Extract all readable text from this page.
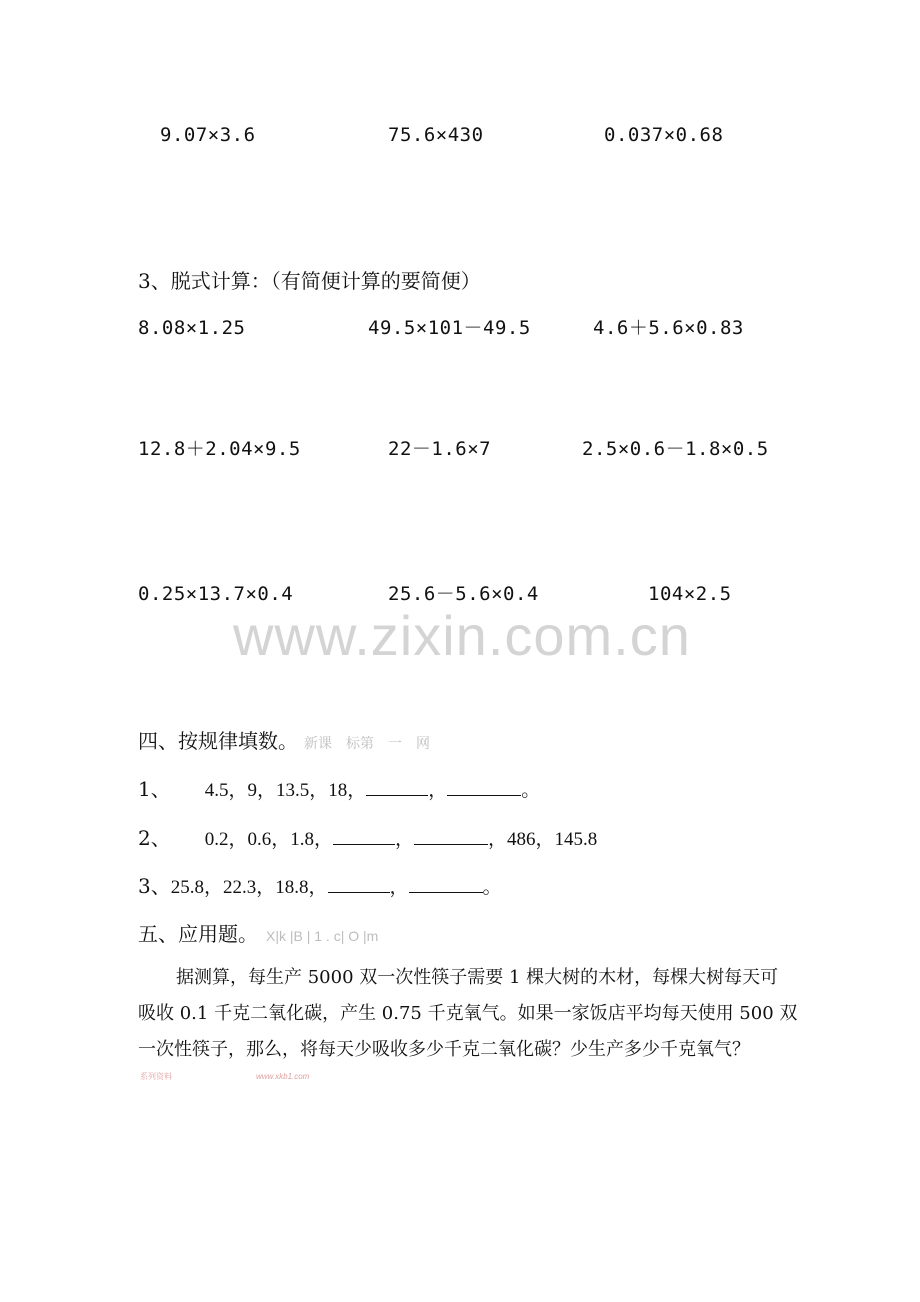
9.07×3.6	75.6×430	0.037×0.68
3、脱式计算：（有简便计算的要简便）
8.08×1.25	49.5×101－49.5	4.6＋5.6×0.83
12.8＋2.04×9.5	22－1.6×7	2.5×0.6－1.8×0.5
0.25×13.7×0.4	25.6－5.6×0.4	104×2.5
www.zixin.com.cn
四、按规律填数。 新课　标第　一　网
1、 4.5，9，13.5，18，	，	。
2、 0.2，0.6，1.8，	，	，486，145.8
3、25.8，22.3，18.8，	，	。
五、应用题。 X|k |B | 1 . c| O |m
据测算，每生产 5000 双一次性筷子需要 1 棵大树的木材，每棵大树每天可
吸收 0.1 千克二氧化碳，产生 0.75 千克氧气。如果一家饭店平均每天使用 500 双
一次性筷子，那么，将每天少吸收多少千克二氧化碳？少生产多少千克氧气？
系列资料	www.xkb1.com
